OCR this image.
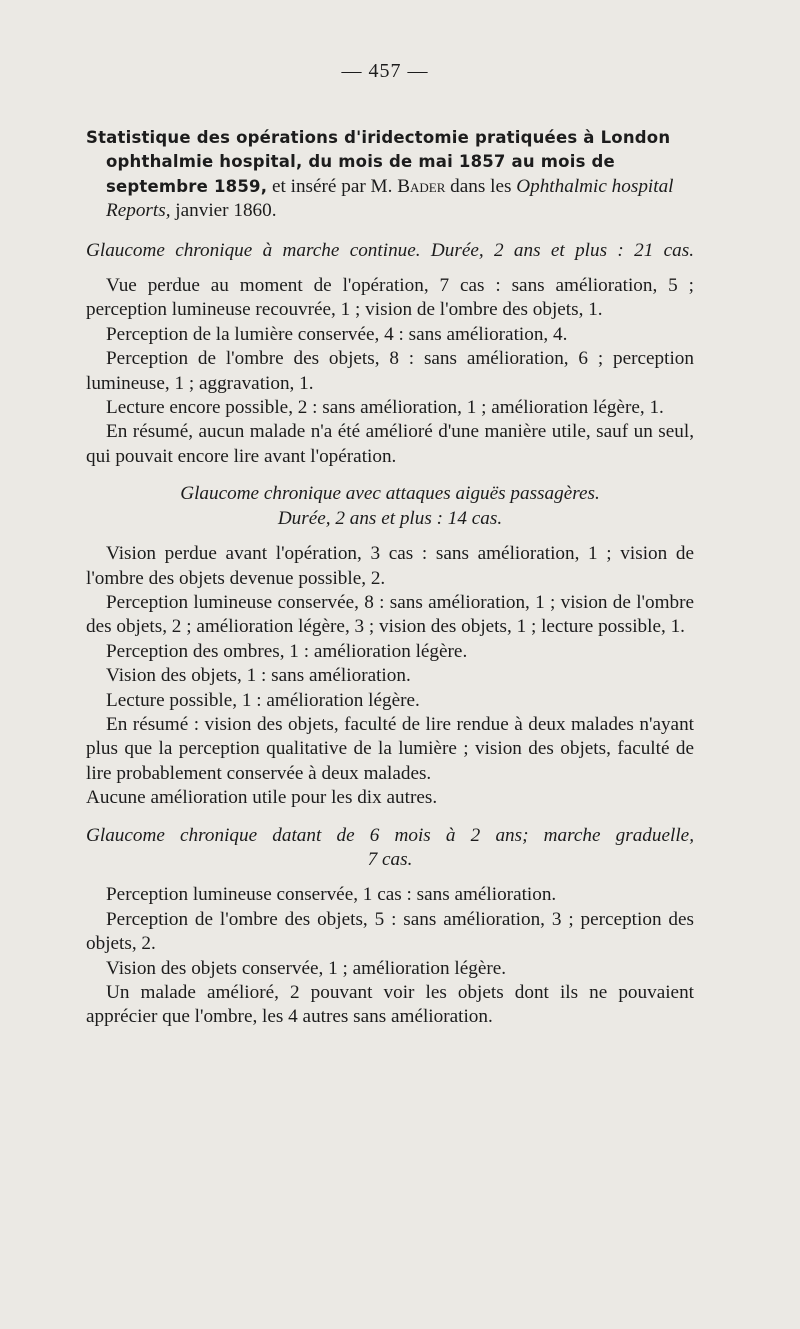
— 457 —

Statistique des opérations d'iridectomie pratiquées à London ophthalmie hospital, du mois de mai 1857 au mois de septembre 1859, et inséré par M. Bader dans les Ophthalmic hospital Reports, janvier 1860.

Glaucome chronique à marche continue. Durée, 2 ans et plus : 21 cas.

Vue perdue au moment de l'opération, 7 cas : sans amélioration, 5 ; perception lumineuse recouvrée, 1 ; vision de l'ombre des objets, 1.

Perception de la lumière conservée, 4 : sans amélioration, 4.

Perception de l'ombre des objets, 8 : sans amélioration, 6 ; perception lumineuse, 1 ; aggravation, 1.

Lecture encore possible, 2 : sans amélioration, 1 ; amélioration légère, 1.

En résumé, aucun malade n'a été amélioré d'une manière utile, sauf un seul, qui pouvait encore lire avant l'opération.

Glaucome chronique avec attaques aiguës passagères.

Durée, 2 ans et plus : 14 cas.

Vision perdue avant l'opération, 3 cas : sans amélioration, 1 ; vision de l'ombre des objets devenue possible, 2.

Perception lumineuse conservée, 8 : sans amélioration, 1 ; vision de l'ombre des objets, 2 ; amélioration légère, 3 ; vision des objets, 1 ; lecture possible, 1.

Perception des ombres, 1 : amélioration légère.

Vision des objets, 1 : sans amélioration.

Lecture possible, 1 : amélioration légère.

En résumé : vision des objets, faculté de lire rendue à deux malades n'ayant plus que la perception qualitative de la lumière ; vision des objets, faculté de lire probablement conservée à deux malades.

Aucune amélioration utile pour les dix autres.

Glaucome chronique datant de 6 mois à 2 ans; marche graduelle,

7 cas.

Perception lumineuse conservée, 1 cas : sans amélioration.

Perception de l'ombre des objets, 5 : sans amélioration, 3 ; perception des objets, 2.

Vision des objets conservée, 1 ; amélioration légère.

Un malade amélioré, 2 pouvant voir les objets dont ils ne pouvaient apprécier que l'ombre, les 4 autres sans amélioration.
